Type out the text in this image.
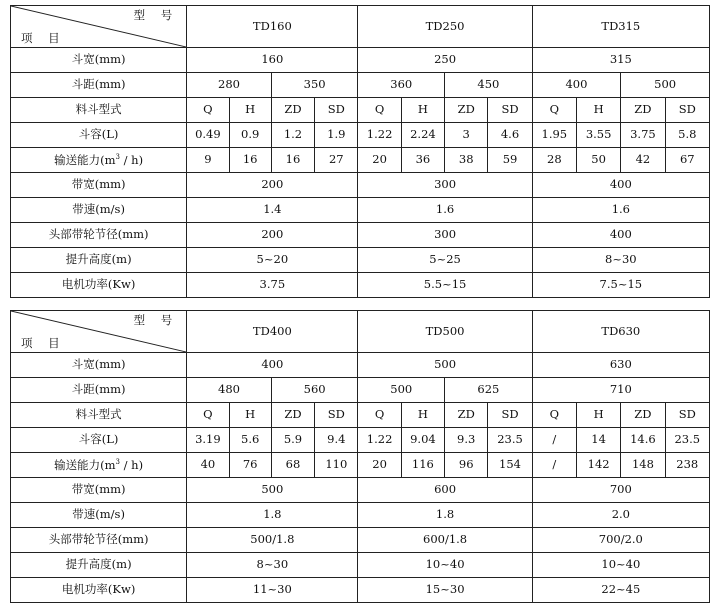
型 号
项 目	TD160				TD250				TD315			
斗宽(mm)	160				250				315			
斗距(mm)	280		350		360		450		400		500	
料斗型式	Q	H	ZD	SD	Q	H	ZD	SD	Q	H	ZD	SD
斗容(L)	0.49	0.9	1.2	1.9	1.22	2.24	3	4.6	1.95	3.55	3.75	5.8
输送能力$(m^3 / h)$	9	16	16	27	20	36	38	59	28	50	42	67
带宽(mm)	200				300				400			
带速(m/s)	1.4				1.6				1.6			
头部带轮节径(mm)	200				300				400			
提升高度(m)	5~20				5~25				8~30			
电机功率(Kw)	3.75				5.5~15				7.5~15			
型 号
项 目	TD400				TD500				TD630			
斗宽(mm)	400				500				630			
斗距(mm)	480		560		500		625		710			
料斗型式	Q	H	ZD	SD	Q	H	ZD	SD	Q	H	ZD	SD
斗容(L)	3.19	5.6	5.9	9.4	1.22	9.04	9.3	23.5	/	14	14.6	23.5
输送能力$(m^3 / h)$	40	76	68	110	20	116	96	154	/	142	148	238
带宽(mm)	500				600				700			
带速(m/s)	1.8				1.8				2.0			
头部带轮节径(mm)	500/1.8				600/1.8				700/2.0			
提升高度(m)	8~30				10~40				10~40			
电机功率(Kw)	11~30				15~30				22~45			
